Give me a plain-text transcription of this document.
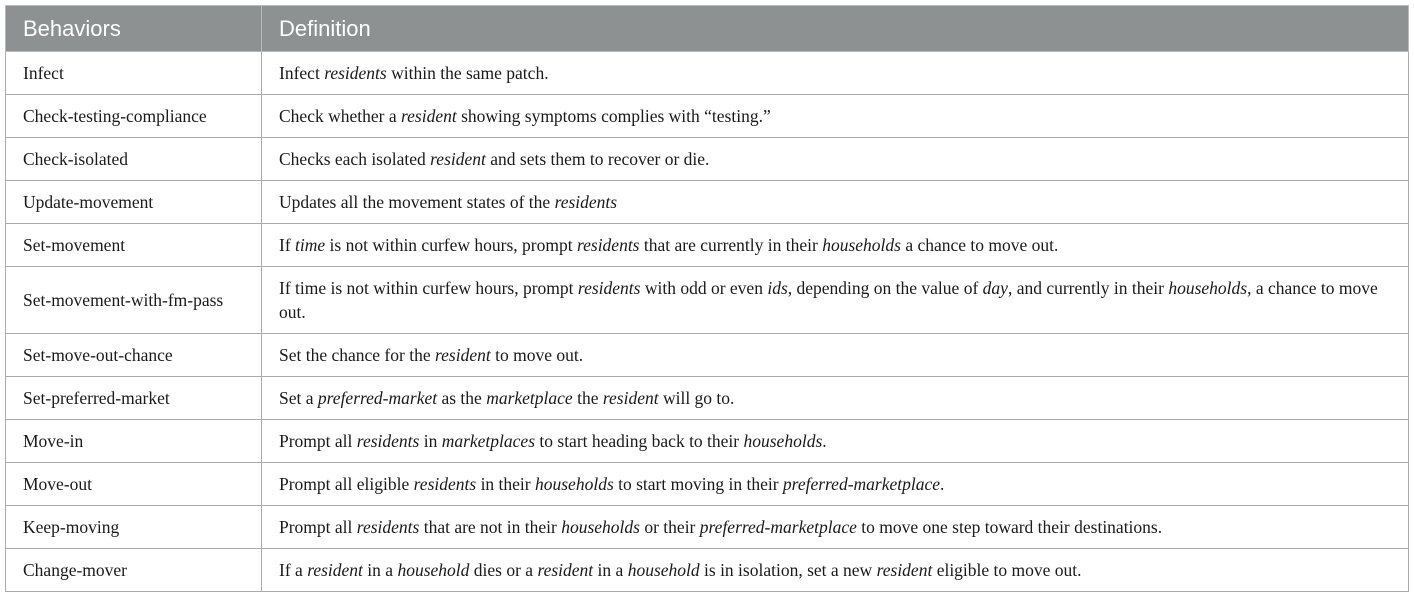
Behaviors	Definition
Infect	Infect residents within the same patch.
Check-testing-compliance	Check whether a resident showing symptoms complies with “testing.”
Check-isolated	Checks each isolated resident and sets them to recover or die.
Update-movement	Updates all the movement states of the residents
Set-movement	If time is not within curfew hours, prompt residents that are currently in their households a chance to move out.
Set-movement-with-fm-pass	If time is not within curfew hours, prompt residents with odd or even ids, depending on the value of day, and currently in their households, a chance to move out.
Set-move-out-chance	Set the chance for the resident to move out.
Set-preferred-market	Set a preferred-market as the marketplace the resident will go to.
Move-in	Prompt all residents in marketplaces to start heading back to their households.
Move-out	Prompt all eligible residents in their households to start moving in their preferred-marketplace.
Keep-moving	Prompt all residents that are not in their households or their preferred-marketplace to move one step toward their destinations.
Change-mover	If a resident in a household dies or a resident in a household is in isolation, set a new resident eligible to move out.
